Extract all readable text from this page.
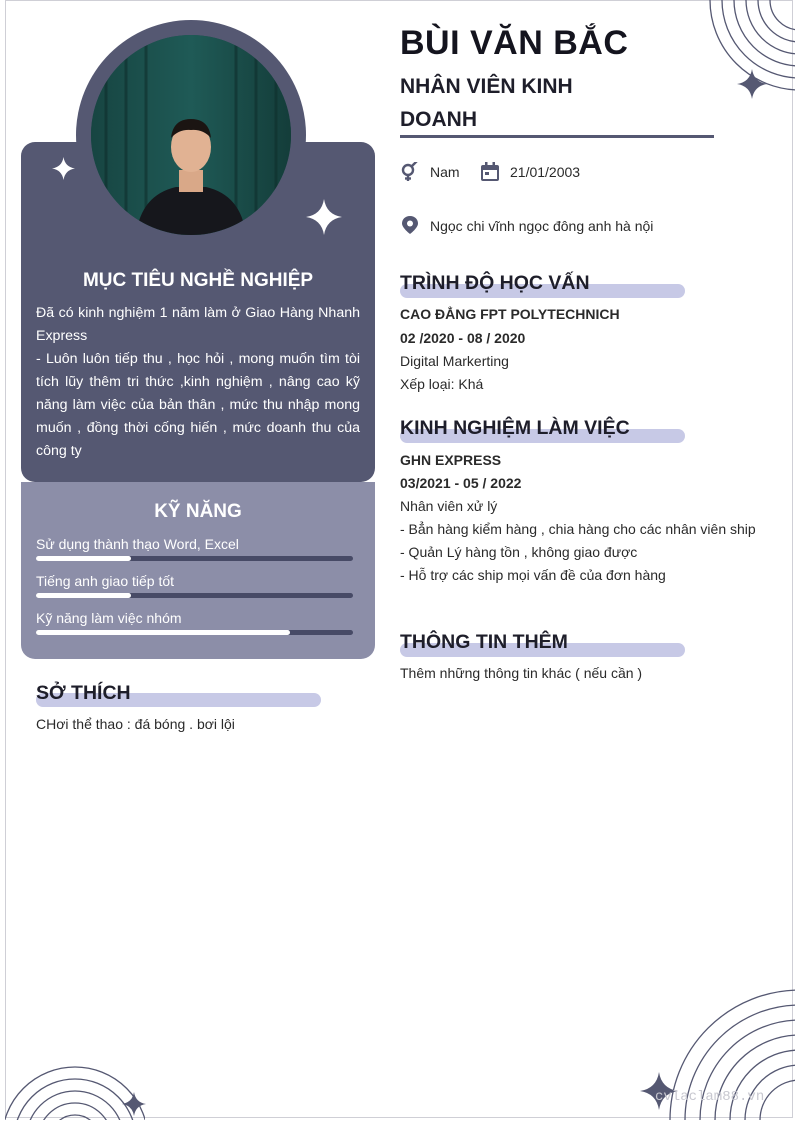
cvlaclam88.vn
MỤC TIÊU NGHỀ NGHIỆP
Đã có kinh nghiệm 1 năm làm ở Giao Hàng Nhanh Express
- Luôn luôn tiếp thu , học hỏi , mong muốn tìm tòi tích lũy thêm tri thức ,kinh nghiệm , nâng cao kỹ năng làm việc của bản thân , mức thu nhập mong muốn , đồng thời cống hiến , mức doanh thu của công ty
KỸ NĂNG
Sử dụng thành thạo Word, Excel
Tiếng anh giao tiếp tốt
Kỹ năng làm việc nhóm
SỞ THÍCH
CHơi thể thao : đá bóng . bơi lội
BÙI VĂN BẮC
NHÂN VIÊN KINH
DOANH
Nam	21/01/2003
Ngọc chi vĩnh ngọc đông anh hà nội
TRÌNH ĐỘ HỌC VẤN
CAO ĐẲNG FPT POLYTECHNICH
02 /2020 - 08 / 2020
Digital Markerting
Xếp loại: Khá
KINH NGHIỆM LÀM VIỆC
GHN EXPRESS
03/2021 - 05 / 2022
Nhân viên xử lý
- Bẳn hàng kiểm hàng , chia hàng cho các nhân viên ship
- Quản Lý hàng tồn , không giao được
- Hỗ trợ các ship mọi vấn đề của đơn hàng
THÔNG TIN THÊM
Thêm những thông tin khác ( nếu cần )
